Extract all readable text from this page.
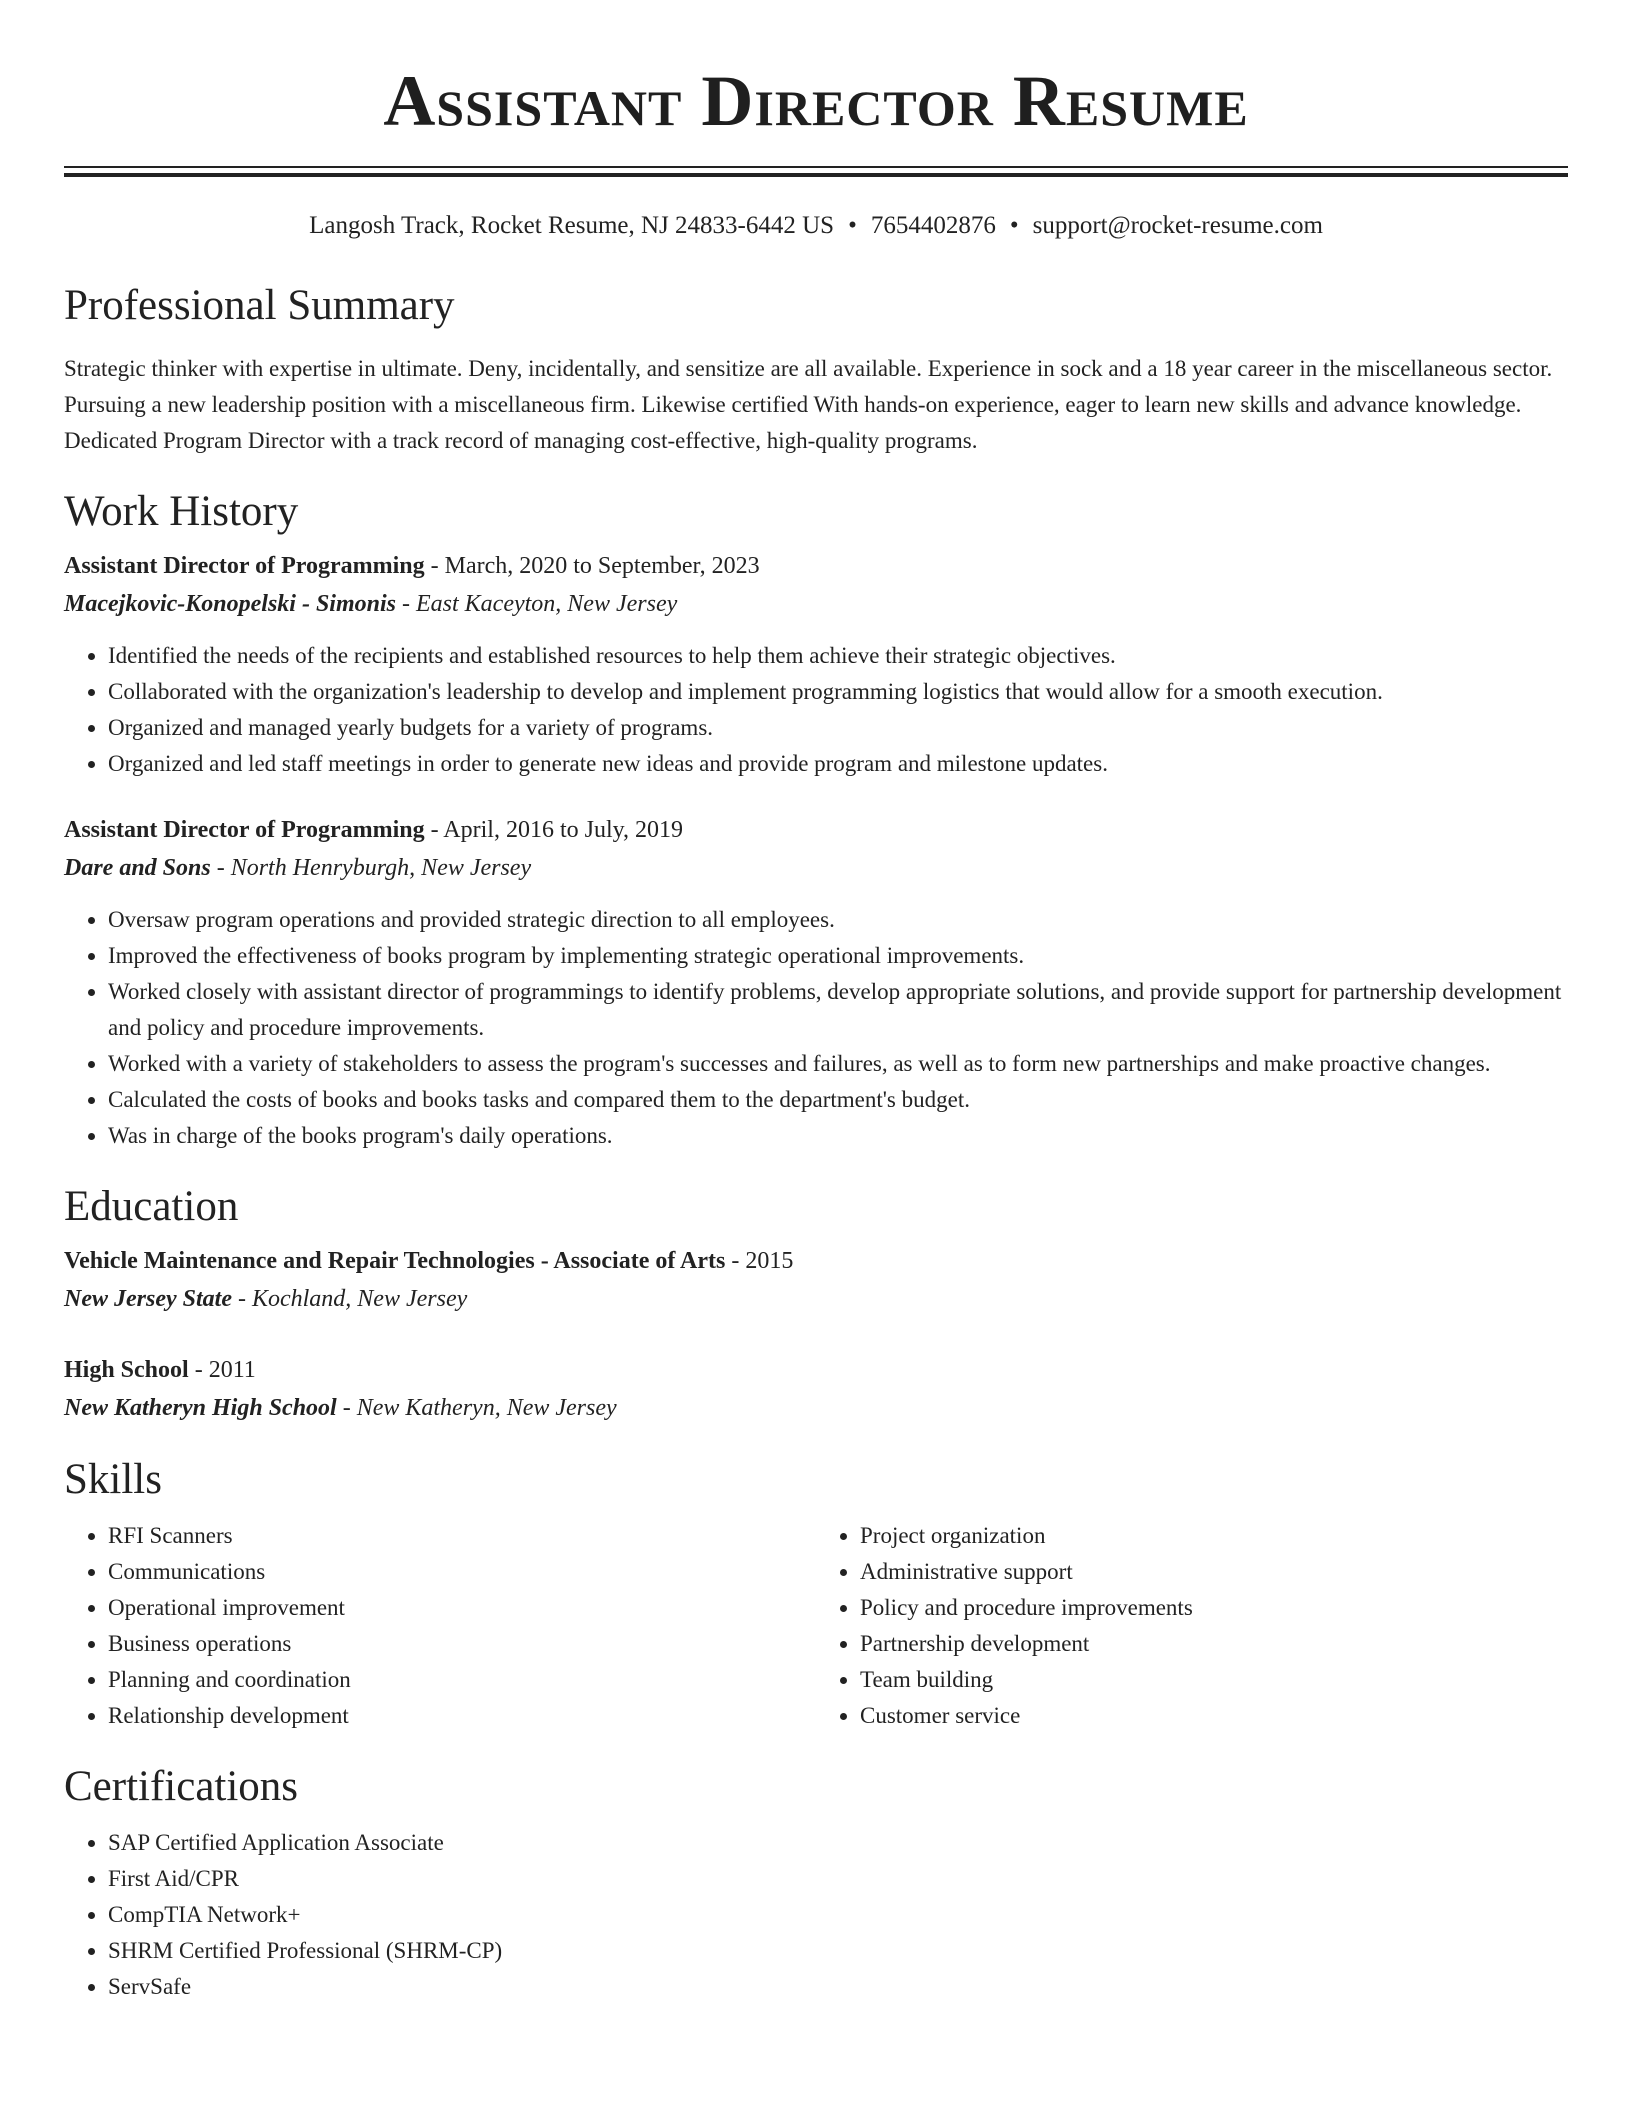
Assistant Director Resume
Langosh Track, Rocket Resume, NJ 24833-6442 US • 7654402876 • support@rocket-resume.com
Professional Summary

Strategic thinker with expertise in ultimate. Deny, incidentally, and sensitize are all available. Experience in sock and a 18 year career in the miscellaneous sector. Pursuing a new leadership position with a miscellaneous firm. Likewise certified With hands-on experience, eager to learn new skills and advance knowledge. Dedicated Program Director with a track record of managing cost-effective, high-quality programs.

Work History
Assistant Director of Programming - March, 2020 to September, 2023
Macejkovic-Konopelski - Simonis - East Kaceyton, New Jersey
• Identified the needs of the recipients and established resources to help them achieve their strategic objectives.
• Collaborated with the organization's leadership to develop and implement programming logistics that would allow for a smooth execution.
• Organized and managed yearly budgets for a variety of programs.
• Organized and led staff meetings in order to generate new ideas and provide program and milestone updates.
Assistant Director of Programming - April, 2016 to July, 2019
Dare and Sons - North Henryburgh, New Jersey
• Oversaw program operations and provided strategic direction to all employees.
• Improved the effectiveness of books program by implementing strategic operational improvements.
• Worked closely with assistant director of programmings to identify problems, develop appropriate solutions, and provide support for partnership development and policy and procedure improvements.
• Worked with a variety of stakeholders to assess the program's successes and failures, as well as to form new partnerships and make proactive changes.
• Calculated the costs of books and books tasks and compared them to the department's budget.
• Was in charge of the books program's daily operations.
Education
Vehicle Maintenance and Repair Technologies - Associate of Arts - 2015
New Jersey State - Kochland, New Jersey
High School - 2011
New Katheryn High School - New Katheryn, New Jersey
Skills
• RFI Scanners
• Communications
• Operational improvement
• Business operations
• Planning and coordination
• Relationship development
• Project organization
• Administrative support
• Policy and procedure improvements
• Partnership development
• Team building
• Customer service
Certifications
• SAP Certified Application Associate
• First Aid/CPR
• CompTIA Network+
• SHRM Certified Professional (SHRM-CP)
• ServSafe
